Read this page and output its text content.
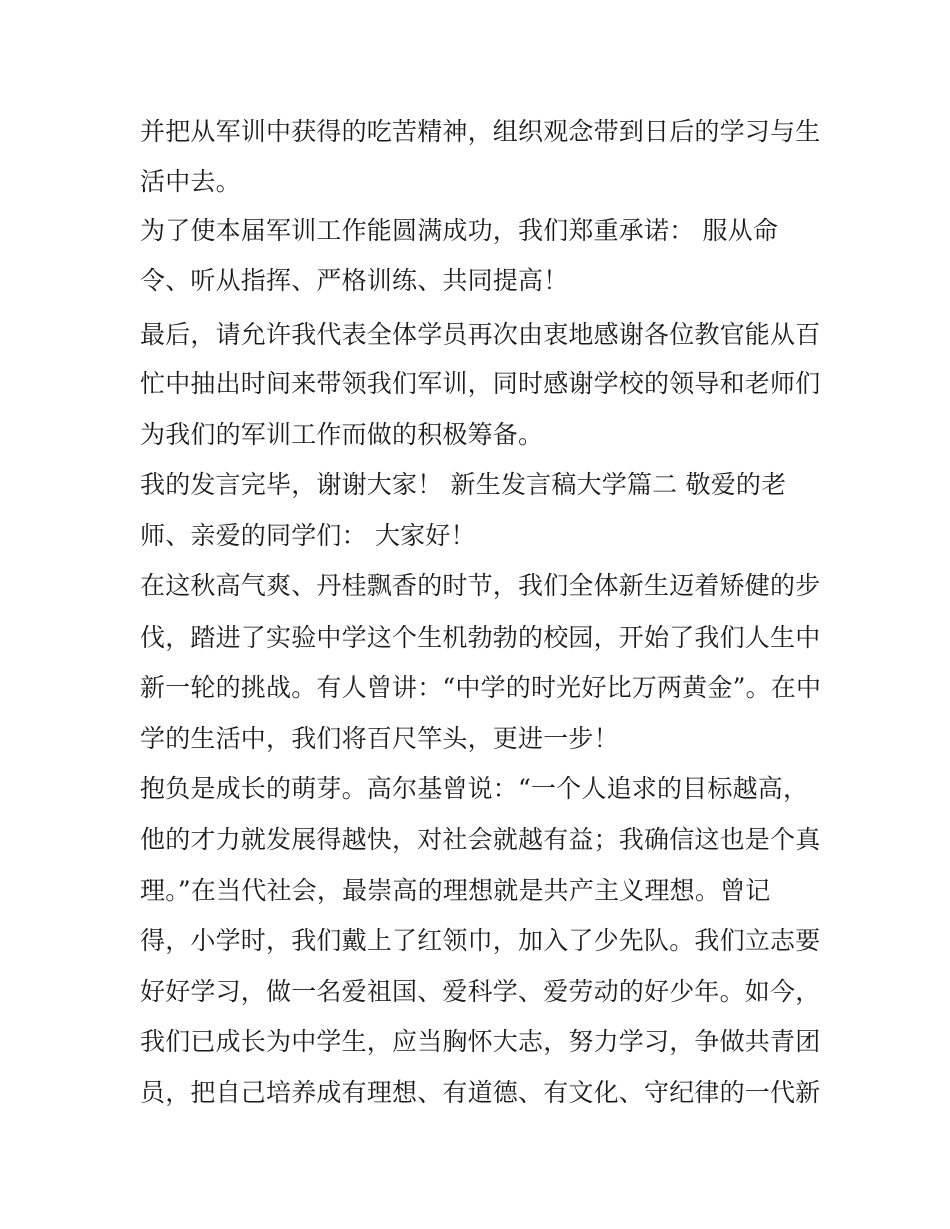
并把从军训中获得的吃苦精神，组织观念带到日后的学习与生
活中去。
为了使本届军训工作能圆满成功，我们郑重承诺： 服从命
令、听从指挥、严格训练、共同提高！
最后，请允许我代表全体学员再次由衷地感谢各位教官能从百
忙中抽出时间来带领我们军训，同时感谢学校的领导和老师们
为我们的军训工作而做的积极筹备。
我的发言完毕，谢谢大家！ 新生发言稿大学篇二 敬爱的老
师、亲爱的同学们： 大家好！
在这秋高气爽、丹桂飘香的时节，我们全体新生迈着矫健的步
伐，踏进了实验中学这个生机勃勃的校园，开始了我们人生中
新一轮的挑战。有人曾讲：“中学的时光好比万两黄金”。在中
学的生活中，我们将百尺竿头，更进一步！
抱负是成长的萌芽。高尔基曾说：“一个人追求的目标越高，
他的才力就发展得越快，对社会就越有益；我确信这也是个真
理。”在当代社会，最崇高的理想就是共产主义理想。曾记
得，小学时，我们戴上了红领巾，加入了少先队。我们立志要
好好学习，做一名爱祖国、爱科学、爱劳动的好少年。如今，
我们已成长为中学生，应当胸怀大志，努力学习，争做共青团
员，把自己培养成有理想、有道德、有文化、守纪律的一代新
